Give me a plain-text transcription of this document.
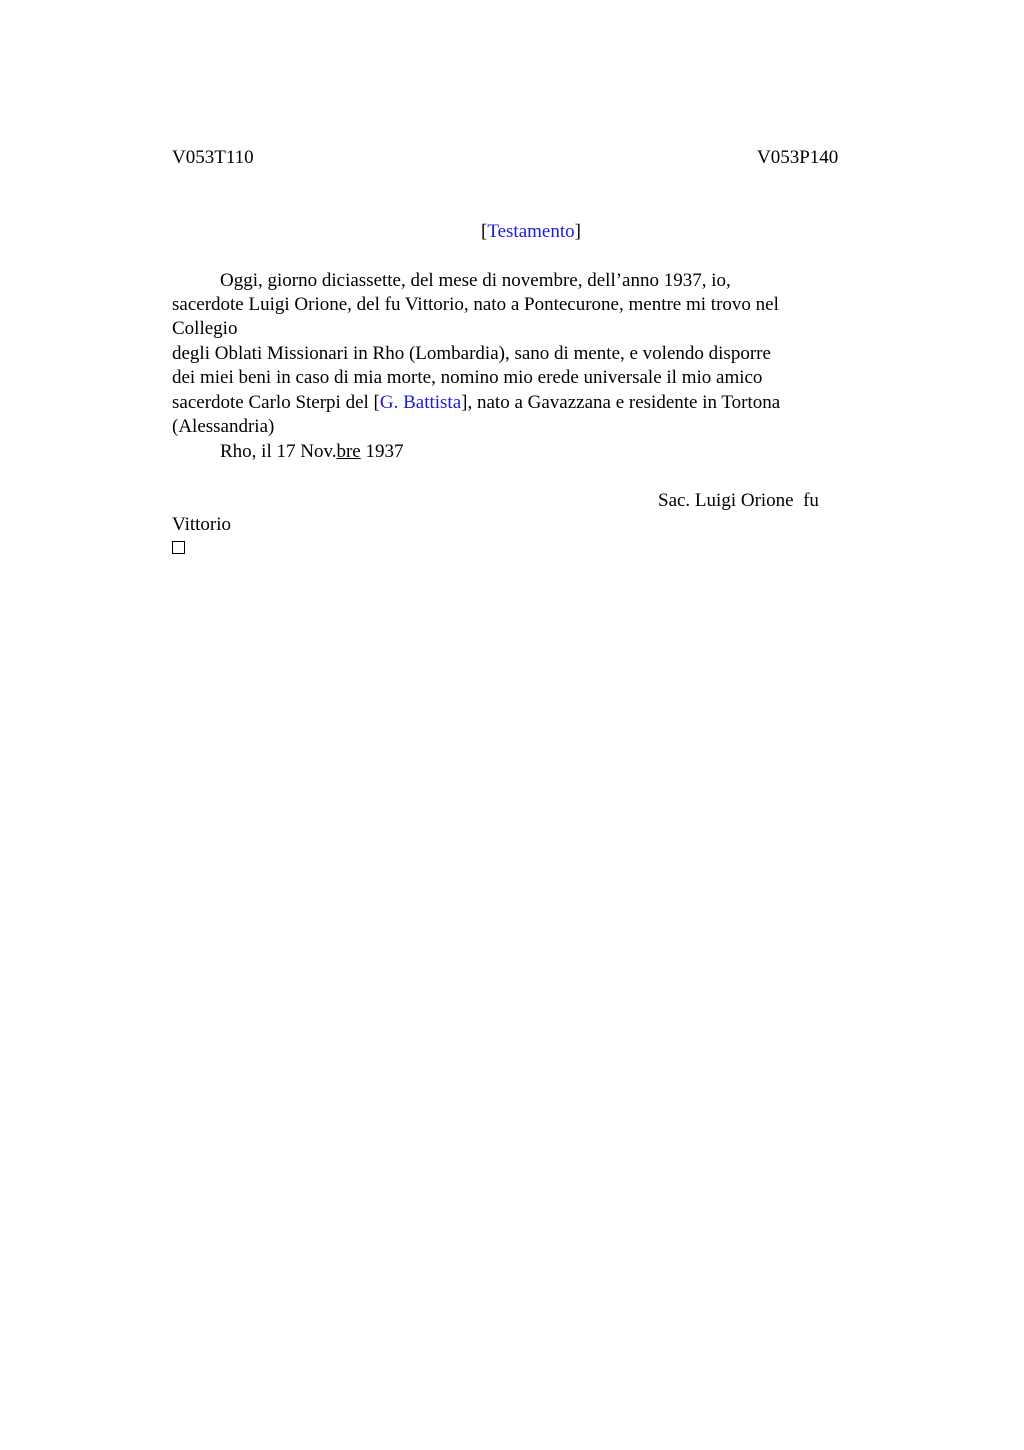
V053T110	V053P140
[Testamento]
Oggi, giorno diciassette, del mese di novembre, dell’anno 1937, io,
sacerdote Luigi Orione, del fu Vittorio, nato a Pontecurone, mentre mi trovo nel
Collegio
degli Oblati Missionari in Rho (Lombardia), sano di mente, e volendo disporre
dei miei beni in caso di mia morte, nomino mio erede universale il mio amico
sacerdote Carlo Sterpi del [G. Battista], nato a Gavazzana e residente in Tortona
(Alessandria)
Rho, il 17 Nov.bre 1937
Sac. Luigi Orione  fu
Vittorio
